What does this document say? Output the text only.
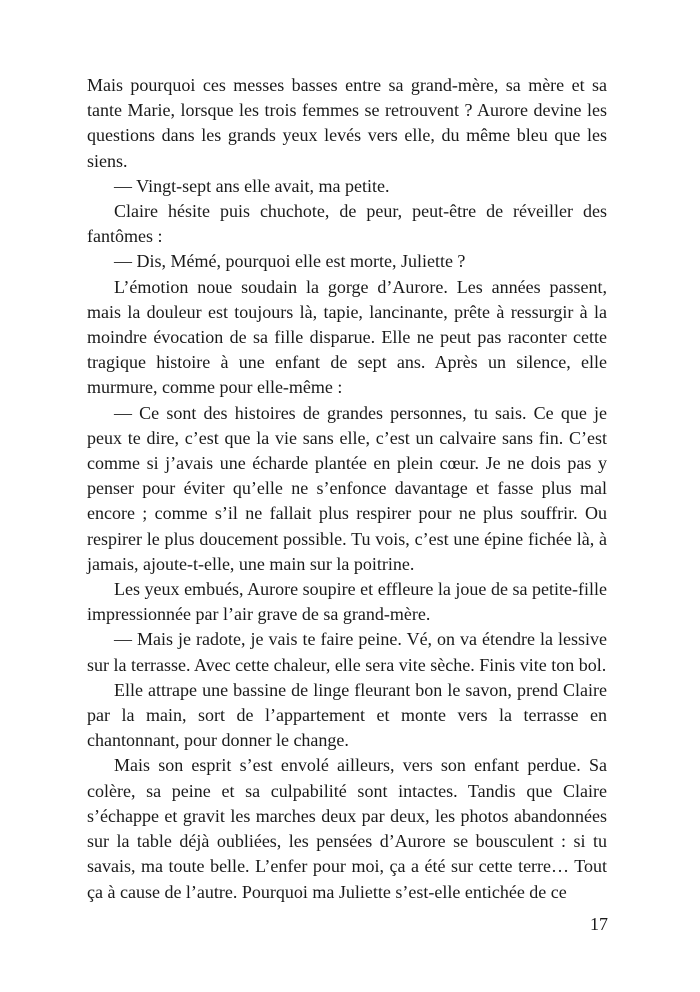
Mais pourquoi ces messes basses entre sa grand-mère, sa mère et sa tante Marie, lorsque les trois femmes se retrouvent ? Aurore devine les questions dans les grands yeux levés vers elle, du même bleu que les siens.

— Vingt-sept ans elle avait, ma petite.

Claire hésite puis chuchote, de peur, peut-être de réveiller des fantômes :

— Dis, Mémé, pourquoi elle est morte, Juliette ?

L’émotion noue soudain la gorge d’Aurore. Les années passent, mais la douleur est toujours là, tapie, lancinante, prête à ressurgir à la moindre évocation de sa fille disparue. Elle ne peut pas raconter cette tragique histoire à une enfant de sept ans. Après un silence, elle murmure, comme pour elle-même :

— Ce sont des histoires de grandes personnes, tu sais. Ce que je peux te dire, c’est que la vie sans elle, c’est un calvaire sans fin. C’est comme si j’avais une écharde plantée en plein cœur. Je ne dois pas y penser pour éviter qu’elle ne s’enfonce davantage et fasse plus mal encore ; comme s’il ne fallait plus respirer pour ne plus souffrir. Ou respirer le plus doucement possible. Tu vois, c’est une épine fichée là, à jamais, ajoute-t-elle, une main sur la poitrine.

Les yeux embués, Aurore soupire et effleure la joue de sa petite-fille impressionnée par l’air grave de sa grand-mère.

— Mais je radote, je vais te faire peine. Vé, on va étendre la lessive sur la terrasse. Avec cette chaleur, elle sera vite sèche. Finis vite ton bol.

Elle attrape une bassine de linge fleurant bon le savon, prend Claire par la main, sort de l’appartement et monte vers la terrasse en chantonnant, pour donner le change.

Mais son esprit s’est envolé ailleurs, vers son enfant perdue. Sa colère, sa peine et sa culpabilité sont intactes. Tandis que Claire s’échappe et gravit les marches deux par deux, les photos abandonnées sur la table déjà oubliées, les pensées d’Aurore se bousculent : si tu savais, ma toute belle. L’enfer pour moi, ça a été sur cette terre… Tout ça à cause de l’autre. Pourquoi ma Juliette s’est-elle entichée de ce

17
